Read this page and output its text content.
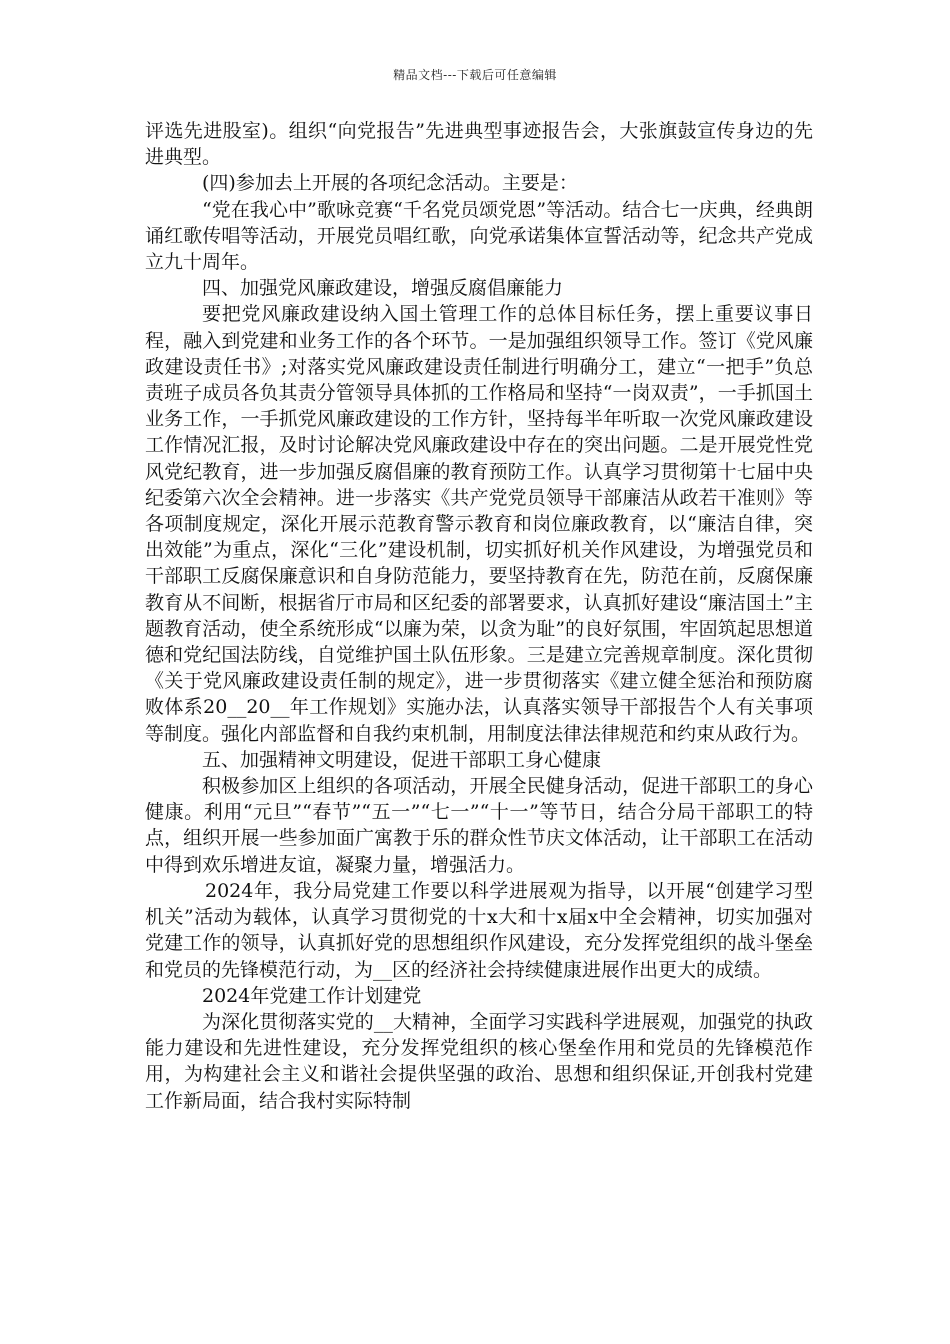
精品文档---下载后可任意编辑

评选先进股室)。组织“向党报告”先进典型事迹报告会，大张旗鼓宣传身边的先进典型。

(四)参加去上开展的各项纪念活动。主要是：

“党在我心中”歌咏竞赛“千名党员颂党恩”等活动。结合七一庆典，经典朗诵红歌传唱等活动，开展党员唱红歌，向党承诺集体宣誓活动等，纪念共产党成立九十周年。

四、加强党风廉政建设，增强反腐倡廉能力

要把党风廉政建设纳入国土管理工作的总体目标任务，摆上重要议事日程，融入到党建和业务工作的各个环节。一是加强组织领导工作。签订《党风廉政建设责任书》;对落实党风廉政建设责任制进行明确分工，建立“一把手”负总责班子成员各负其责分管领导具体抓的工作格局和坚持“一岗双责”，一手抓国土业务工作，一手抓党风廉政建设的工作方针，坚持每半年听取一次党风廉政建设工作情况汇报，及时讨论解决党风廉政建设中存在的突出问题。二是开展党性党风党纪教育，进一步加强反腐倡廉的教育预防工作。认真学习贯彻第十七届中央纪委第六次全会精神。进一步落实《共产党党员领导干部廉洁从政若干准则》等各项制度规定，深化开展示范教育警示教育和岗位廉政教育，以“廉洁自律，突出效能”为重点，深化“三化”建设机制，切实抓好机关作风建设，为增强党员和干部职工反腐保廉意识和自身防范能力，要坚持教育在先，防范在前，反腐保廉教育从不间断，根据省厅市局和区纪委的部署要求，认真抓好建设“廉洁国土”主题教育活动，使全系统形成“以廉为荣，以贪为耻”的良好氛围，牢固筑起思想道德和党纪国法防线，自觉维护国土队伍形象。三是建立完善规章制度。深化贯彻《关于党风廉政建设责任制的规定》，进一步贯彻落实《建立健全惩治和预防腐败体系20__20__年工作规划》实施办法，认真落实领导干部报告个人有关事项等制度。强化内部监督和自我约束机制，用制度法律法律规范和约束从政行为。

五、加强精神文明建设，促进干部职工身心健康

积极参加区上组织的各项活动，开展全民健身活动，促进干部职工的身心健康。利用“元旦”“春节”“五一”“七一”“十一”等节日，结合分局干部职工的特点，组织开展一些参加面广寓教于乐的群众性节庆文体活动，让干部职工在活动中得到欢乐增进友谊，凝聚力量，增强活力。

2024年，我分局党建工作要以科学进展观为指导，以开展“创建学习型机关”活动为载体，认真学习贯彻党的十x大和十x届x中全会精神，切实加强对党建工作的领导，认真抓好党的思想组织作风建设，充分发挥党组织的战斗堡垒和党员的先锋模范行动，为__区的经济社会持续健康进展作出更大的成绩。

2024年党建工作计划建党

为深化贯彻落实党的__大精神，全面学习实践科学进展观，加强党的执政能力建设和先进性建设，充分发挥党组织的核心堡垒作用和党员的先锋模范作用，为构建社会主义和谐社会提供坚强的政治、思想和组织保证,开创我村党建工作新局面，结合我村实际特制
